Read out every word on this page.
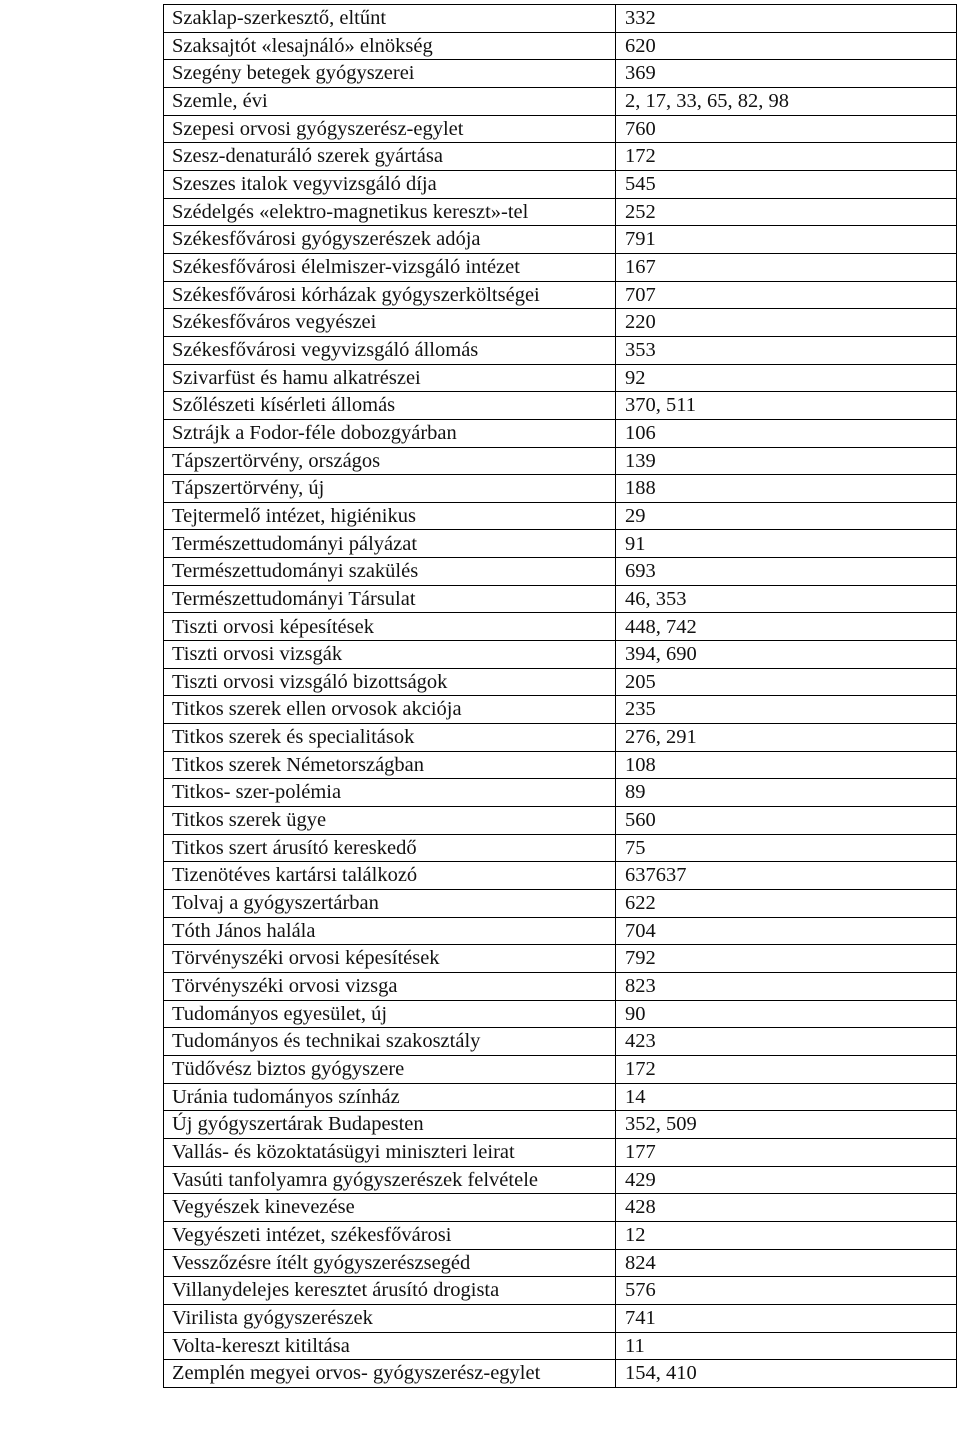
Szaklap-szerkesztő, eltűnt	332
Szaksajtót «lesajnáló» elnökség	620
Szegény betegek gyógyszerei	369
Szemle, évi	2, 17, 33, 65, 82, 98
Szepesi orvosi gyógyszerész-egylet	760
Szesz-denaturáló szerek gyártása	172
Szeszes italok vegyvizsgáló díja	545
Szédelgés «elektro-magnetikus kereszt»-tel	252
Székesfővárosi gyógyszerészek adója	791
Székesfővárosi élelmiszer-vizsgáló intézet	167
Székesfővárosi kórházak gyógyszerköltségei	707
Székesfőváros vegyészei	220
Székesfővárosi vegyvizsgáló állomás	353
Szivarfüst és hamu alkatrészei	92
Szőlészeti kísérleti állomás	370, 511
Sztrájk a Fodor-féle dobozgyárban	106
Tápszertörvény, országos	139
Tápszertörvény, új	188
Tejtermelő intézet, higiénikus	29
Természettudományi pályázat	91
Természettudományi szakülés	693
Természettudományi Társulat	46, 353
Tiszti orvosi képesítések	448, 742
Tiszti orvosi vizsgák	394, 690
Tiszti orvosi vizsgáló bizottságok	205
Titkos szerek ellen orvosok akciója	235
Titkos szerek és specialitások	276, 291
Titkos szerek Németországban	108
Titkos- szer-polémia	89
Titkos szerek ügye	560
Titkos szert árusító kereskedő	75
Tizenötéves kartársi találkozó	637637
Tolvaj a gyógyszertárban	622
Tóth János halála	704
Törvényszéki orvosi képesítések	792
Törvényszéki orvosi vizsga	823
Tudományos egyesület, új	90
Tudományos és technikai szakosztály	423
Tüdővész biztos gyógyszere	172
Uránia tudományos színház	14
Új gyógyszertárak Budapesten	352, 509
Vallás- és közoktatásügyi miniszteri leirat	177
Vasúti tanfolyamra gyógyszerészek felvétele	429
Vegyészek kinevezése	428
Vegyészeti intézet, székesfővárosi	12
Vesszőzésre ítélt gyógyszerészsegéd	824
Villanydelejes keresztet árusító drogista	576
Virilista gyógyszerészek	741
Volta-kereszt kitiltása	11
Zemplén megyei orvos- gyógyszerész-egylet	154, 410
